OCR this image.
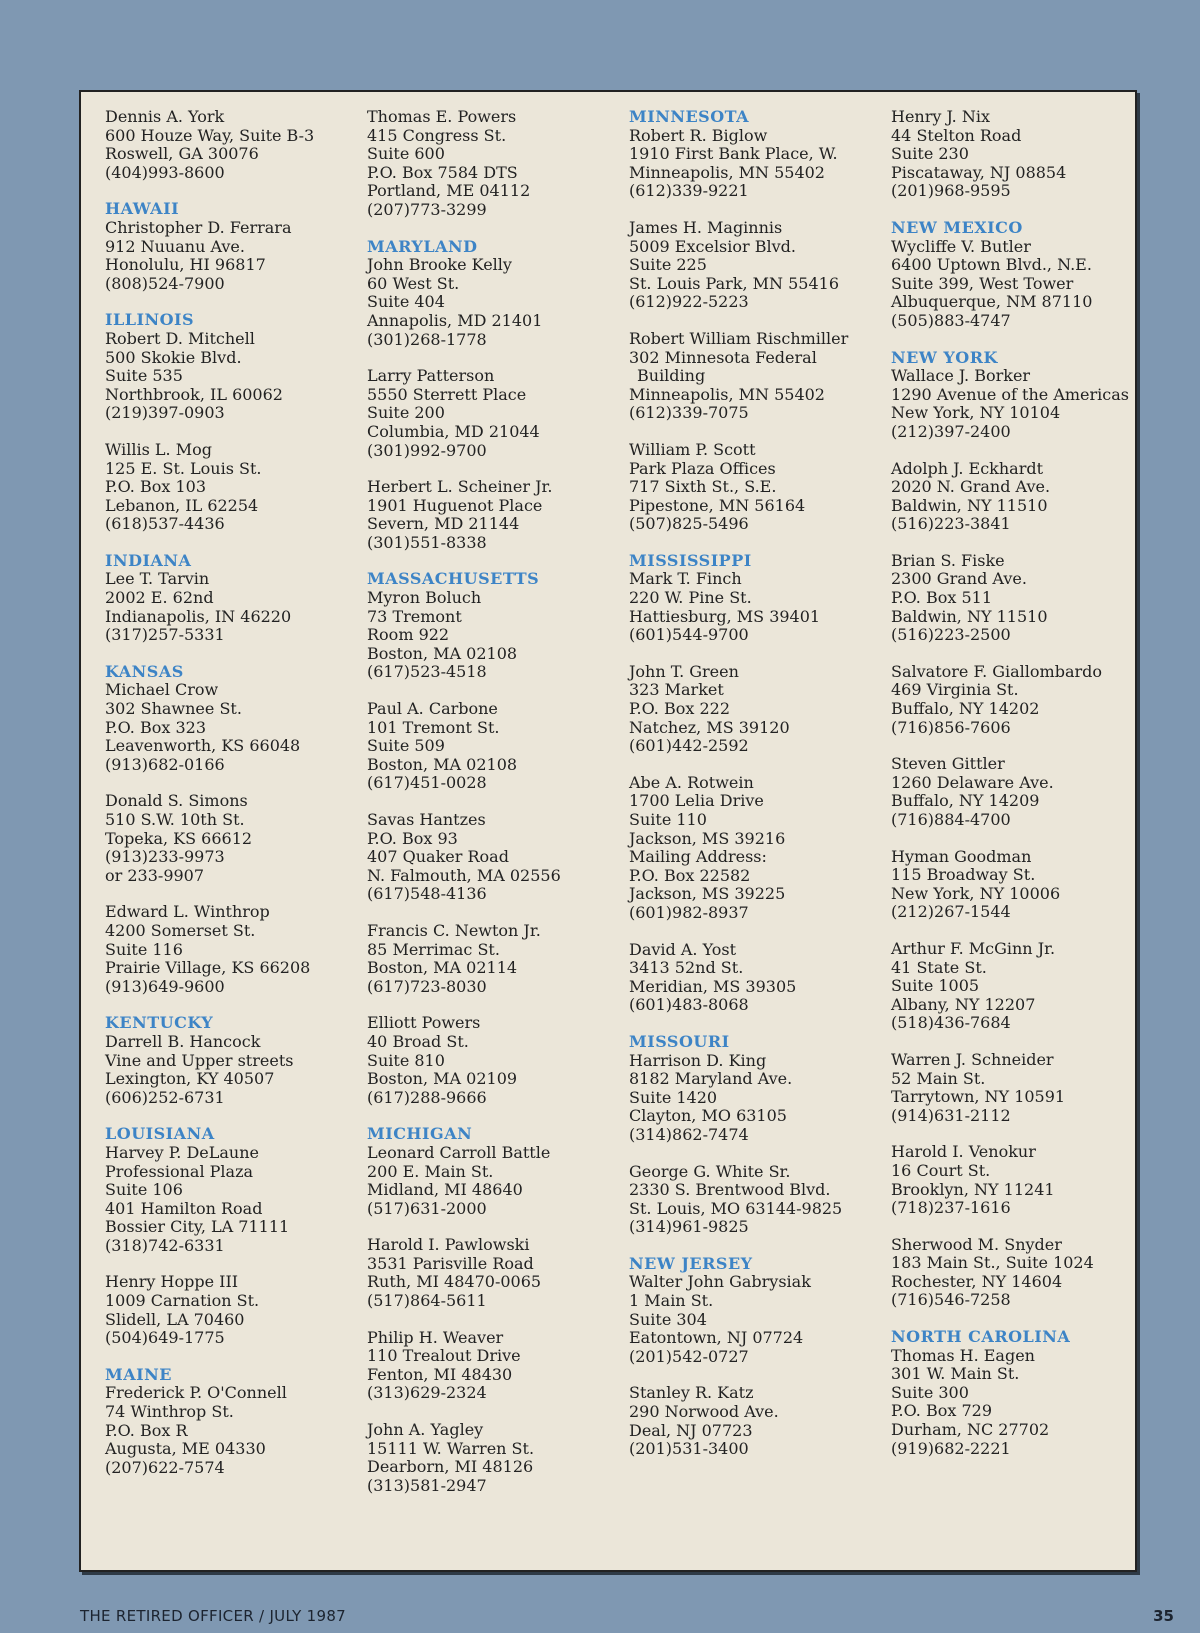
Dennis A. York
600 Houze Way, Suite B-3
Roswell, GA 30076
(404)993-8600
HAWAII
Christopher D. Ferrara
912 Nuuanu Ave.
Honolulu, HI 96817
(808)524-7900
ILLINOIS
Robert D. Mitchell
500 Skokie Blvd.
Suite 535
Northbrook, IL 60062
(219)397-0903
Willis L. Mog
125 E. St. Louis St.
P.O. Box 103
Lebanon, IL 62254
(618)537-4436
INDIANA
Lee T. Tarvin
2002 E. 62nd
Indianapolis, IN 46220
(317)257-5331
KANSAS
Michael Crow
302 Shawnee St.
P.O. Box 323
Leavenworth, KS 66048
(913)682-0166
Donald S. Simons
510 S.W. 10th St.
Topeka, KS 66612
(913)233-9973
or 233-9907
Edward L. Winthrop
4200 Somerset St.
Suite 116
Prairie Village, KS 66208
(913)649-9600
KENTUCKY
Darrell B. Hancock
Vine and Upper streets
Lexington, KY 40507
(606)252-6731
LOUISIANA
Harvey P. DeLaune
Professional Plaza
Suite 106
401 Hamilton Road
Bossier City, LA 71111
(318)742-6331
Henry Hoppe III
1009 Carnation St.
Slidell, LA 70460
(504)649-1775
MAINE
Frederick P. O'Connell
74 Winthrop St.
P.O. Box R
Augusta, ME 04330
(207)622-7574
Thomas E. Powers
415 Congress St.
Suite 600
P.O. Box 7584 DTS
Portland, ME 04112
(207)773-3299
MARYLAND
John Brooke Kelly
60 West St.
Suite 404
Annapolis, MD 21401
(301)268-1778
Larry Patterson
5550 Sterrett Place
Suite 200
Columbia, MD 21044
(301)992-9700
Herbert L. Scheiner Jr.
1901 Huguenot Place
Severn, MD 21144
(301)551-8338
MASSACHUSETTS
Myron Boluch
73 Tremont
Room 922
Boston, MA 02108
(617)523-4518
Paul A. Carbone
101 Tremont St.
Suite 509
Boston, MA 02108
(617)451-0028
Savas Hantzes
P.O. Box 93
407 Quaker Road
N. Falmouth, MA 02556
(617)548-4136
Francis C. Newton Jr.
85 Merrimac St.
Boston, MA 02114
(617)723-8030
Elliott Powers
40 Broad St.
Suite 810
Boston, MA 02109
(617)288-9666
MICHIGAN
Leonard Carroll Battle
200 E. Main St.
Midland, MI 48640
(517)631-2000
Harold I. Pawlowski
3531 Parisville Road
Ruth, MI 48470-0065
(517)864-5611
Philip H. Weaver
110 Trealout Drive
Fenton, MI 48430
(313)629-2324
John A. Yagley
15111 W. Warren St.
Dearborn, MI 48126
(313)581-2947
MINNESOTA
Robert R. Biglow
1910 First Bank Place, W.
Minneapolis, MN 55402
(612)339-9221
James H. Maginnis
5009 Excelsior Blvd.
Suite 225
St. Louis Park, MN 55416
(612)922-5223
Robert William Rischmiller
302 Minnesota Federal
Building
Minneapolis, MN 55402
(612)339-7075
William P. Scott
Park Plaza Offices
717 Sixth St., S.E.
Pipestone, MN 56164
(507)825-5496
MISSISSIPPI
Mark T. Finch
220 W. Pine St.
Hattiesburg, MS 39401
(601)544-9700
John T. Green
323 Market
P.O. Box 222
Natchez, MS 39120
(601)442-2592
Abe A. Rotwein
1700 Lelia Drive
Suite 110
Jackson, MS 39216
Mailing Address:
P.O. Box 22582
Jackson, MS 39225
(601)982-8937
David A. Yost
3413 52nd St.
Meridian, MS 39305
(601)483-8068
MISSOURI
Harrison D. King
8182 Maryland Ave.
Suite 1420
Clayton, MO 63105
(314)862-7474
George G. White Sr.
2330 S. Brentwood Blvd.
St. Louis, MO 63144-9825
(314)961-9825
NEW JERSEY
Walter John Gabrysiak
1 Main St.
Suite 304
Eatontown, NJ 07724
(201)542-0727
Stanley R. Katz
290 Norwood Ave.
Deal, NJ 07723
(201)531-3400
Henry J. Nix
44 Stelton Road
Suite 230
Piscataway, NJ 08854
(201)968-9595
NEW MEXICO
Wycliffe V. Butler
6400 Uptown Blvd., N.E.
Suite 399, West Tower
Albuquerque, NM 87110
(505)883-4747
NEW YORK
Wallace J. Borker
1290 Avenue of the Americas
New York, NY 10104
(212)397-2400
Adolph J. Eckhardt
2020 N. Grand Ave.
Baldwin, NY 11510
(516)223-3841
Brian S. Fiske
2300 Grand Ave.
P.O. Box 511
Baldwin, NY 11510
(516)223-2500
Salvatore F. Giallombardo
469 Virginia St.
Buffalo, NY 14202
(716)856-7606
Steven Gittler
1260 Delaware Ave.
Buffalo, NY 14209
(716)884-4700
Hyman Goodman
115 Broadway St.
New York, NY 10006
(212)267-1544
Arthur F. McGinn Jr.
41 State St.
Suite 1005
Albany, NY 12207
(518)436-7684
Warren J. Schneider
52 Main St.
Tarrytown, NY 10591
(914)631-2112
Harold I. Venokur
16 Court St.
Brooklyn, NY 11241
(718)237-1616
Sherwood M. Snyder
183 Main St., Suite 1024
Rochester, NY 14604
(716)546-7258
NORTH CAROLINA
Thomas H. Eagen
301 W. Main St.
Suite 300
P.O. Box 729
Durham, NC 27702
(919)682-2221
THE RETIRED OFFICER / JULY 1987	35
